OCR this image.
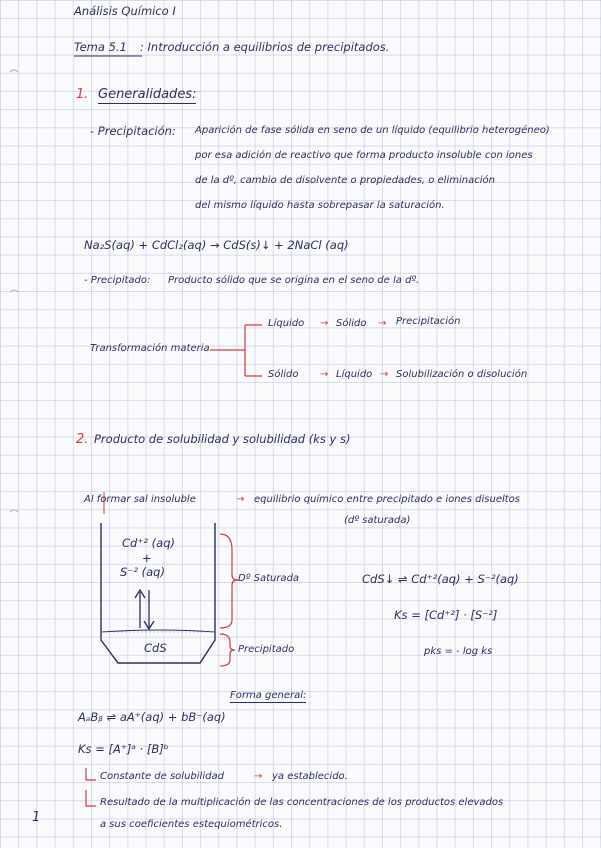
Análisis Químico I
Tema 5.1 : Introducción a equilibrios de precipitados.
1. Generalidades:
- Precipitación: Aparición de fase sólida en seno de un líquido (equilibrio heterogéneo)
por esa adición de reactivo que forma producto insoluble con iones
de la dº, cambio de disolvente o propiedades, o eliminación
del mismo líquido hasta sobrepasar la saturación.
Na₂S(aq) + CdCl₂(aq) → CdS(s)↓ + 2NaCl (aq)
- Precipitado: Producto sólido que se origina en el seno de la dº.
Transformación materia
Líquido → Sólido → Precipitación
Sólido → Líquido → Solubilización o disolución
2. Producto de solubilidad y solubilidad (ks y s)
Al formar sal insoluble	→ equilibrio químico entre precipitado e iones disueltos
(dº saturada)
Cd⁺² (aq)
+
S⁻² (aq)
CdS
Dº Saturada
Precipitado
CdS↓ ⇌ Cd⁺²(aq) + S⁻²(aq)
Ks = [Cd⁺²] · [S⁻²]
pks = - log ks
Forma general:
AₐBᵦ ⇌ aA⁺(aq) + bB⁻(aq)
Ks = [A⁺]ᵃ · [B]ᵇ
Constante de solubilidad	→ ya establecido.
Resultado de la multiplicación de las concentraciones de los productos elevados
a sus coeficientes estequiométricos.
1
